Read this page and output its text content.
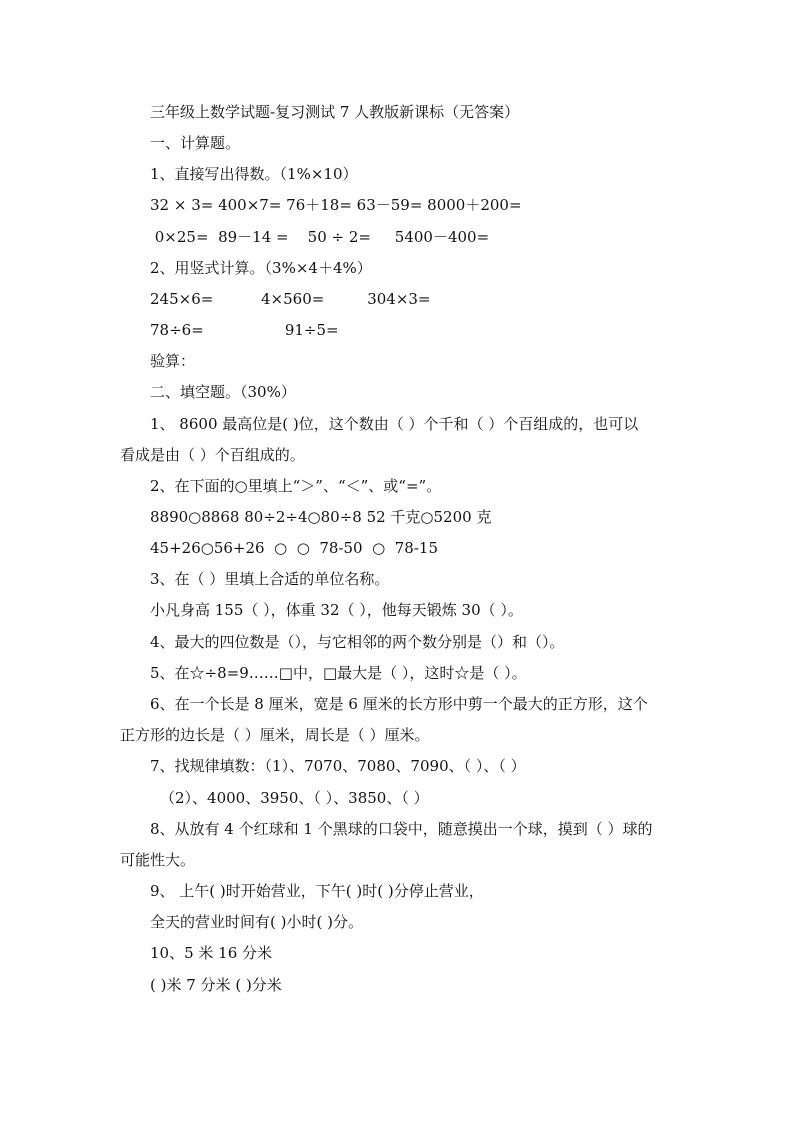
三年级上数学试题-复习测试 7 人教版新课标（无答案）
一、计算题。
1、直接写出得数。（1%×10）
32 × 3= 400×7= 76＋18= 63－59= 8000＋200=
0×25=  89－14 =    50 ÷ 2=     5400－400=
2、用竖式计算。（3%×4＋4%）
245×6=          4×560=         304×3=
78÷6=                 91÷5=
验算：
二、填空题。（30%）
1、 8600 最高位是( )位，这个数由（ ）个千和（ ）个百组成的，也可以
看成是由（ ）个百组成的。
2、在下面的○里填上“＞”、“＜”、或“=”。
8890○8868 80÷2÷4○80÷8 52 千克○5200 克
45+26○56+26  ○  ○  78-50  ○  78-15
3、在（ ）里填上合适的单位名称。
小凡身高 155（ ），体重 32（ ），他每天锻炼 30（ ）。
4、最大的四位数是（），与它相邻的两个数分别是（）和（）。
5、在☆÷8=9……□中，□最大是（ ），这时☆是（ ）。
6、在一个长是 8 厘米，宽是 6 厘米的长方形中剪一个最大的正方形，这个
正方形的边长是（ ）厘米，周长是（ ）厘米。
7、找规律填数：（1）、7070、7080、7090、（ ）、（ ）
（2）、4000、3950、（ ）、3850、（ ）
8、从放有 4 个红球和 1 个黑球的口袋中，随意摸出一个球，摸到（ ）球的
可能性大。
9、 上午( )时开始营业，下午( )时( )分停止营业，
全天的营业时间有( )小时( )分。
10、5 米 16 分米
( )米 7 分米 ( )分米
